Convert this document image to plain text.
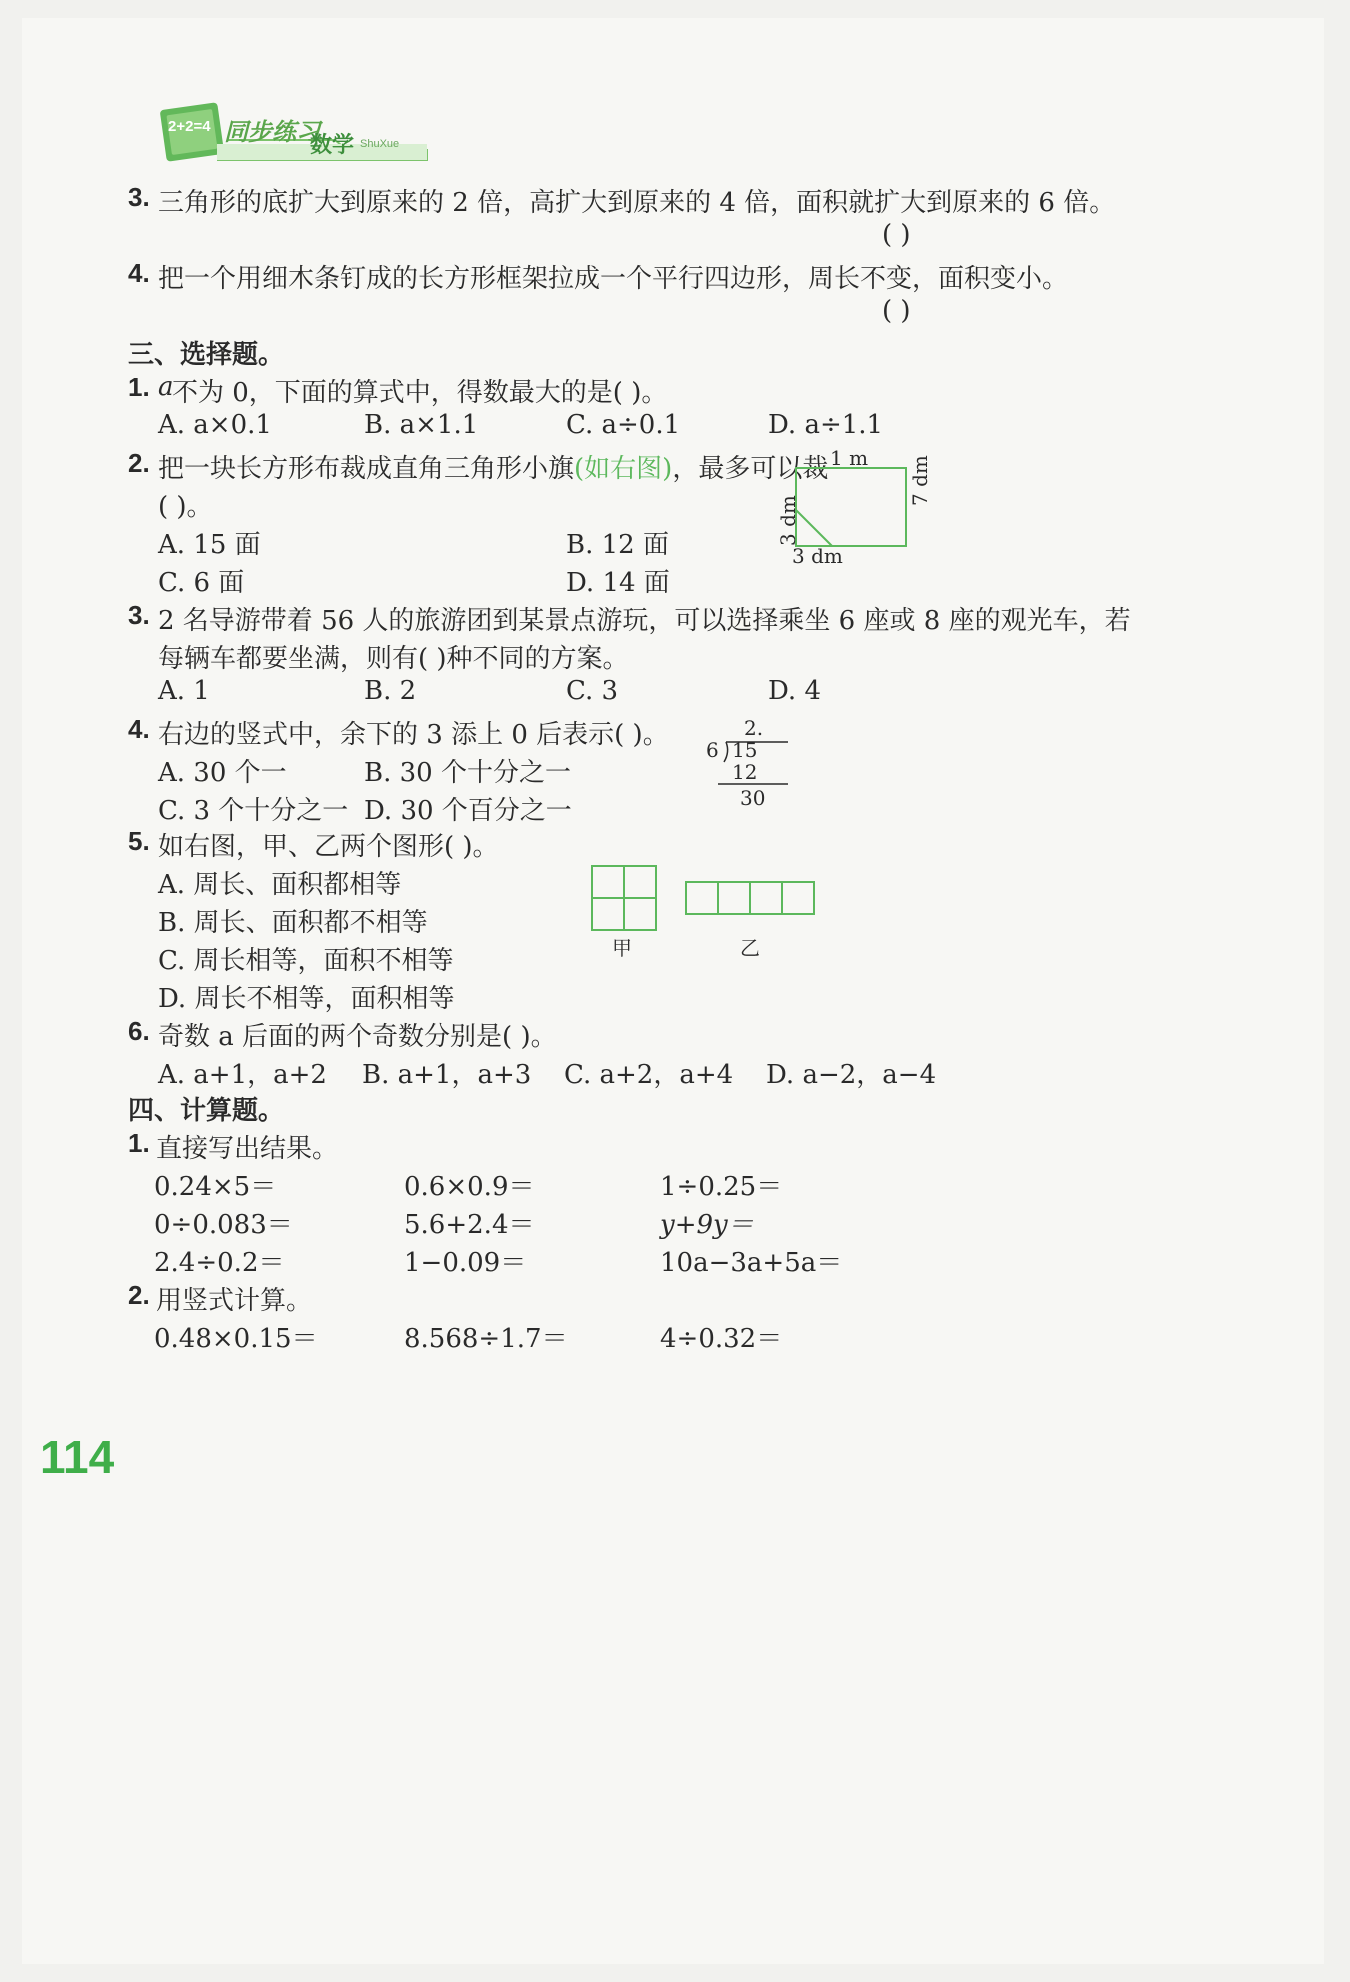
2+2=4 同步练习
数学 ShuXue
3. 三角形的底扩大到原来的 2 倍，高扩大到原来的 4 倍，面积就扩大到原来的 6 倍。
( )
4. 把一个用细木条钉成的长方形框架拉成一个平行四边形，周长不变，面积变小。
( )
三、选择题。
1. a
不为 0，下面的算式中，得数最大的是( )。
A. a×0.1	B. a×1.1	C. a÷0.1	D. a÷1.1
2. 把一块长方形布裁成直角三角形小旗(如右图)，最多可以裁
( )。
A. 15 面	B. 12 面
C. 6 面	D. 14 面
1 m 7 dm
3 dm
3 dm
3. 2 名导游带着 56 人的旅游团到某景点游玩，可以选择乘坐 6 座或 8 座的观光车，若
每辆车都要坐满，则有( )种不同的方案。
A. 1	B. 2	C. 3	D. 4
4. 右边的竖式中，余下的 3 添上 0 后表示( )。
A. 30 个一	B. 30 个十分之一
C. 3 个十分之一 D. 30 个百分之一
2.
6 15
12
30
5. 如右图，甲、乙两个图形( )。
A. 周长、面积都相等
B. 周长、面积都不相等
C. 周长相等，面积不相等
D. 周长不相等，面积相等
甲	乙
6. 奇数 a 后面的两个奇数分别是( )。
A. a+1，a+2 B. a+1，a+3 C. a+2，a+4 D. a−2，a−4
四、计算题。
1. 直接写出结果。
0.24×5＝	0.6×0.9＝	1÷0.25＝
0÷0.083＝	5.6+2.4＝	y+9y＝
2.4÷0.2＝	1−0.09＝	10a−3a+5a＝
2. 用竖式计算。
0.48×0.15＝	8.568÷1.7＝	4÷0.32＝
114
